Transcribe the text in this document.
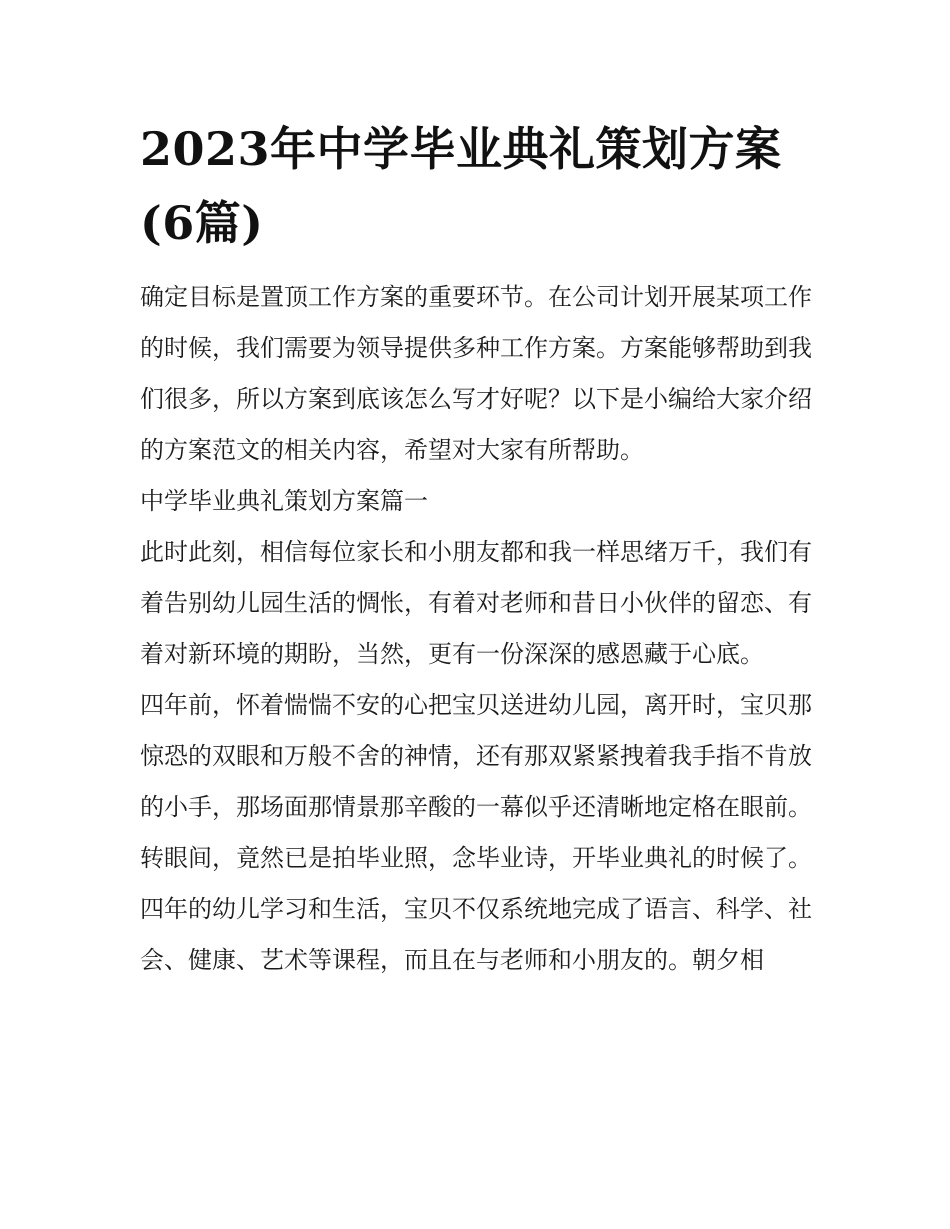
2023年中学毕业典礼策划方案(6篇)

确定目标是置顶工作方案的重要环节。在公司计划开展某项工作的时候，我们需要为领导提供多种工作方案。方案能够帮助到我们很多，所以方案到底该怎么写才好呢？以下是小编给大家介绍的方案范文的相关内容，希望对大家有所帮助。

中学毕业典礼策划方案篇一

此时此刻，相信每位家长和小朋友都和我一样思绪万千，我们有着告别幼儿园生活的惆怅，有着对老师和昔日小伙伴的留恋、有着对新环境的期盼，当然，更有一份深深的感恩藏于心底。

四年前，怀着惴惴不安的心把宝贝送进幼儿园，离开时，宝贝那惊恐的双眼和万般不舍的神情，还有那双紧紧拽着我手指不肯放的小手，那场面那情景那辛酸的一幕似乎还清晰地定格在眼前。转眼间，竟然已是拍毕业照，念毕业诗，开毕业典礼的时候了。

四年的幼儿学习和生活，宝贝不仅系统地完成了语言、科学、社会、健康、艺术等课程，而且在与老师和小朋友的。朝夕相
